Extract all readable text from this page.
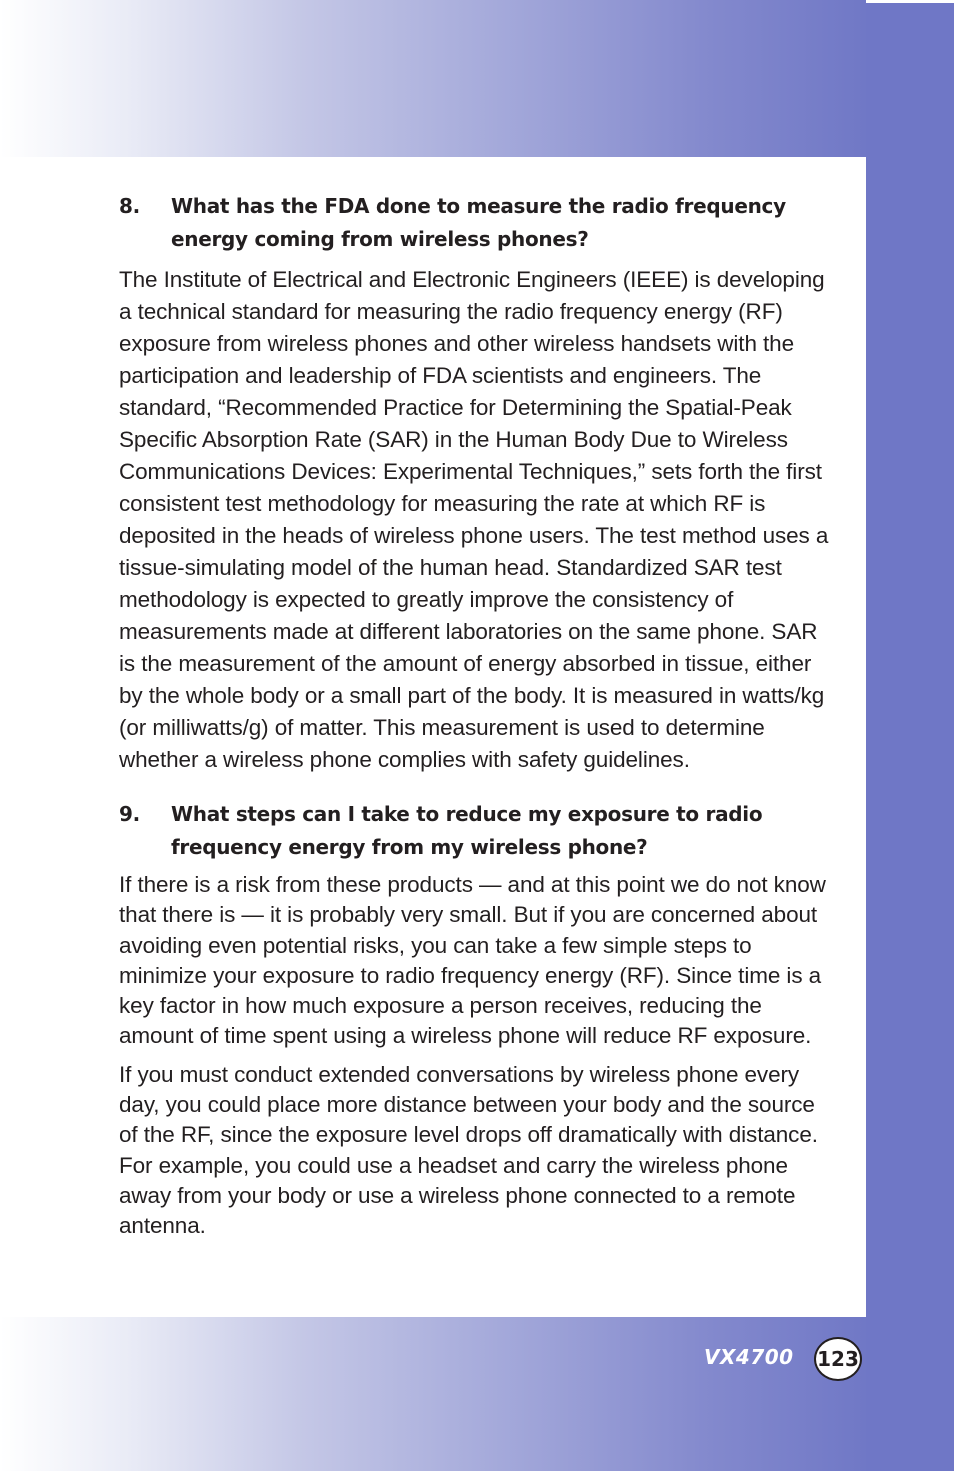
8.	What has the FDA done to measure the radio frequency energy coming from wireless phones?

The Institute of Electrical and Electronic Engineers (IEEE) is developing a technical standard for measuring the radio frequency energy (RF) exposure from wireless phones and other wireless handsets with the participation and leadership of FDA scientists and engineers. The standard, “Recommended Practice for Determining the Spatial-Peak Specific Absorption Rate (SAR) in the Human Body Due to Wireless Communications Devices: Experimental Techniques,” sets forth the first consistent test methodology for measuring the rate at which RF is deposited in the heads of wireless phone users. The test method uses a tissue-simulating model of the human head. Standardized SAR test methodology is expected to greatly improve the consistency of measurements made at different laboratories on the same phone. SAR is the measurement of the amount of energy absorbed in tissue, either by the whole body or a small part of the body. It is measured in watts/kg (or milliwatts/g) of matter. This measurement is used to determine whether a wireless phone complies with safety guidelines.

9.	What steps can I take to reduce my exposure to radio frequency energy from my wireless phone?

If there is a risk from these products — and at this point we do not know that there is — it is probably very small. But if you are concerned about avoiding even potential risks, you can take a few simple steps to minimize your exposure to radio frequency energy (RF). Since time is a key factor in how much exposure a person receives, reducing the amount of time spent using a wireless phone will reduce RF exposure.

If you must conduct extended conversations by wireless phone every day, you could place more distance between your body and the source of the RF, since the exposure level drops off dramatically with distance. For example, you could use a headset and carry the wireless phone away from your body or use a wireless phone connected to a remote antenna.

VX4700 123
